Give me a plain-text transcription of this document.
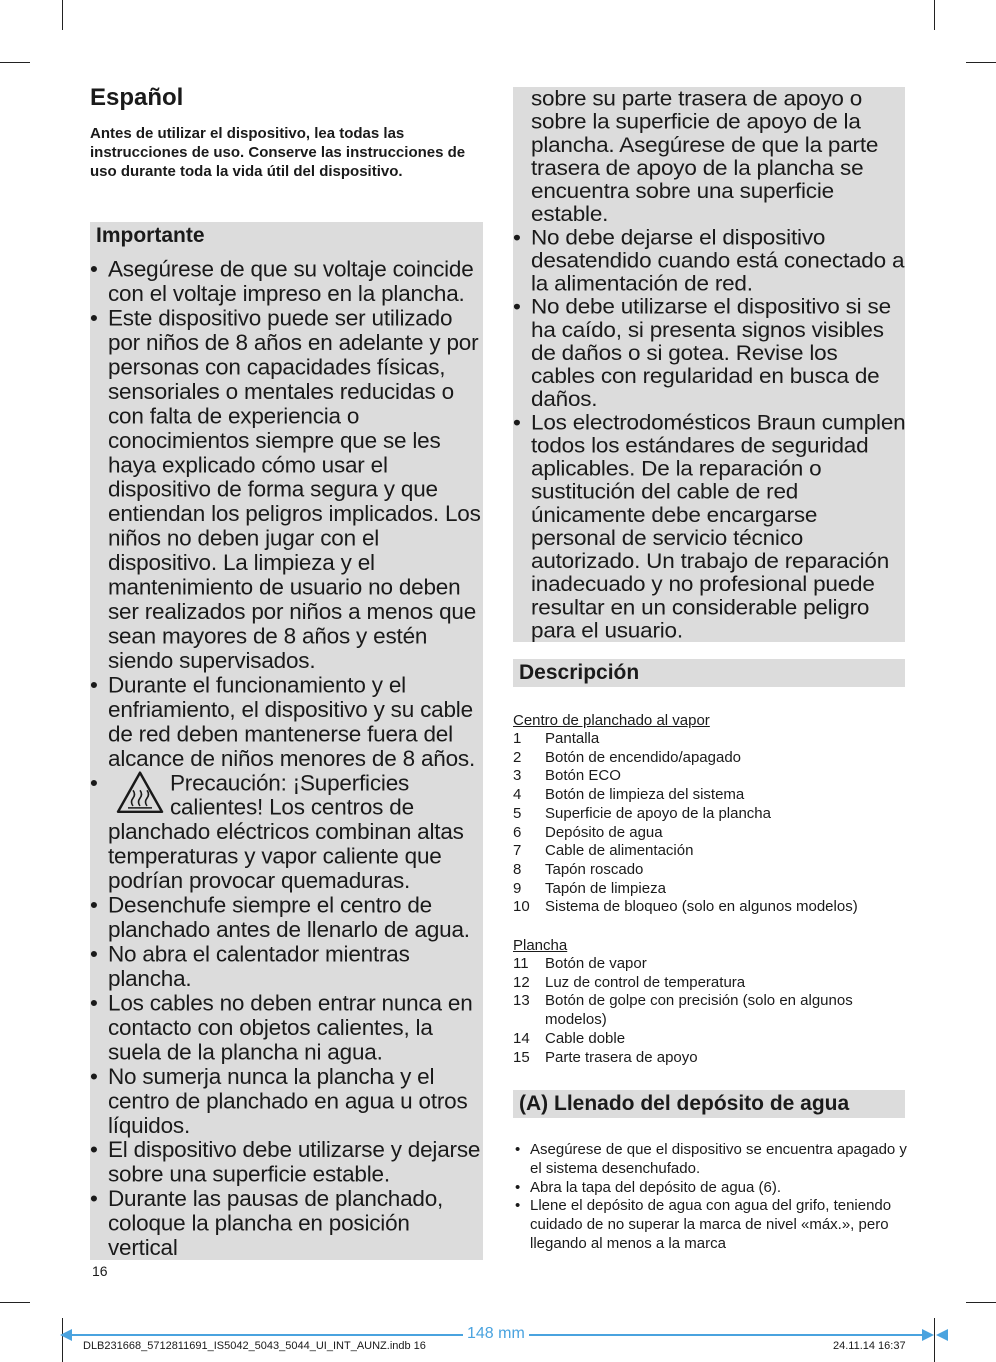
Español

Antes de utilizar el dispositivo, lea todas las instrucciones de uso. Conserve las instrucciones de uso durante toda la vida útil del dispositivo.

Importante
• Asegúrese de que su voltaje coincide con el voltaje impreso en la plancha.
• Este dispositivo puede ser utilizado por niños de 8 años en adelante y por personas con capacidades físicas, sensoriales o mentales reducidas o con falta de experiencia o conocimientos siempre que se les haya explicado cómo usar el dispositivo de forma segura y que entiendan los peligros implicados. Los niños no deben jugar con el dispositivo. La limpieza y el mantenimiento de usuario no deben ser realizados por niños a menos que sean mayores de 8 años y estén siendo supervisados.
• Durante el funcionamiento y el enfriamiento, el dispositivo y su cable de red deben mantenerse fuera del alcance de niños menores de 8 años.
•	Precaución: ¡Superficies
calientes! Los centros de
planchado eléctricos combinan altas temperaturas y vapor caliente que podrían provocar quemaduras.
• Desenchufe siempre el centro de planchado antes de llenarlo de agua.
• No abra el calentador mientras plancha.
• Los cables no deben entrar nunca en contacto con objetos calientes, la suela de la plancha ni agua.
• No sumerja nunca la plancha y el centro de planchado en agua u otros líquidos.
• El dispositivo debe utilizarse y dejarse sobre una superficie estable.
• Durante las pausas de planchado, coloque la plancha en posición vertical
16
sobre su parte trasera de apoyo o sobre la superficie de apoyo de la plancha. Asegúrese de que la parte trasera de apoyo de la plancha se encuentra sobre una superficie estable.
• No debe dejarse el dispositivo desatendido cuando está conectado a la alimentación de red.
• No debe utilizarse el dispositivo si se ha caído, si presenta signos visibles de daños o si gotea. Revise los cables con regularidad en busca de daños.
• Los electrodomésticos Braun cumplen todos los estándares de seguridad aplicables. De la reparación o sustitución del cable de red únicamente debe encargarse personal de servicio técnico autorizado. Un trabajo de reparación inadecuado y no profesional puede resultar en un considerable peligro para el usuario.
Descripción
Centro de planchado al vapor
1	Pantalla
2	Botón de encendido/apagado
3	Botón ECO
4	Botón de limpieza del sistema
5	Superficie de apoyo de la plancha
6	Depósito de agua
7	Cable de alimentación
8	Tapón roscado
9	Tapón de limpieza
10	Sistema de bloqueo (solo en algunos modelos)
Plancha
11	Botón de vapor
12	Luz de control de temperatura
13	Botón de golpe con precisión (solo en algunos modelos)
14	Cable doble
15	Parte trasera de apoyo
(A) Llenado del depósito de agua
• Asegúrese de que el dispositivo se encuentra apagado y el sistema desenchufado.
• Abra la tapa del depósito de agua (6).
• Llene el depósito de agua con agua del grifo, teniendo cuidado de no superar la marca de nivel «máx.», pero llegando al menos a la marca
148 mm
DLB231668_5712811691_IS5042_5043_5044_UI_INT_AUNZ.indb 16	24.11.14 16:37
